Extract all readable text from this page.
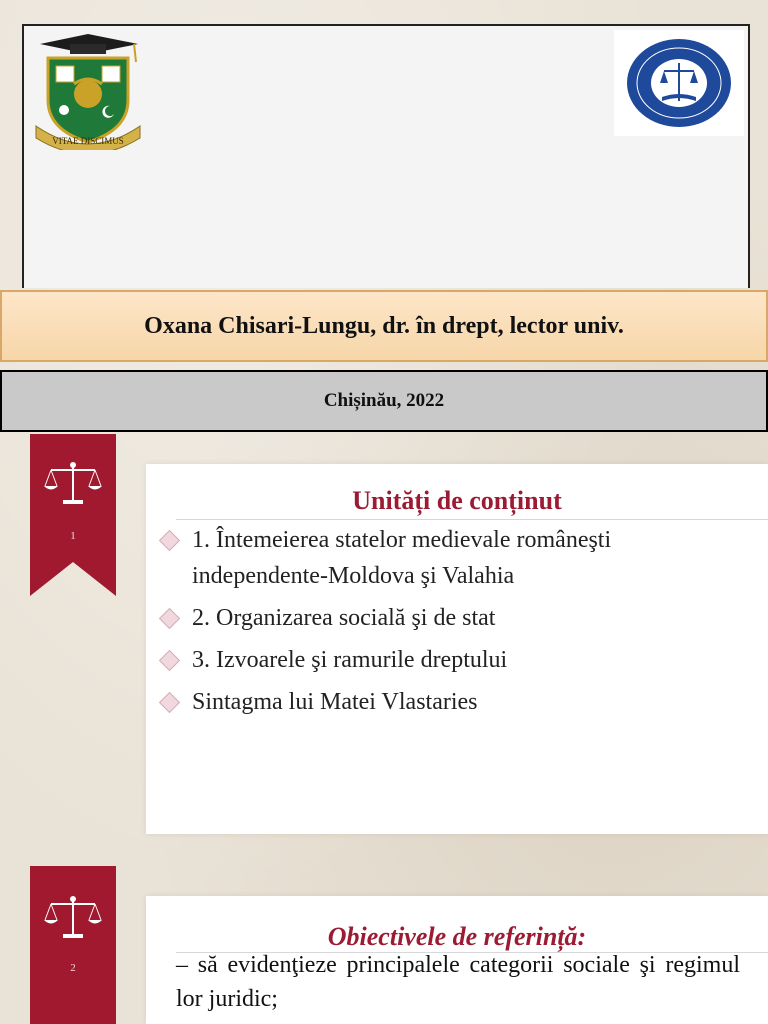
VITAE DISCIMUS
Oxana Chisari-Lungu, dr. în drept, lector univ.
Chișinău, 2022
1
Unități de conținut
1. Întemeierea statelor medievale româneşti independente-Moldova şi Valahia
2. Organizarea socială şi de stat
3. Izvoarele şi ramurile dreptului
Sintagma lui Matei Vlastaries
2
Obiectivele de referință:
– să evidenţieze principalele categorii sociale şi regimul lor juridic;
